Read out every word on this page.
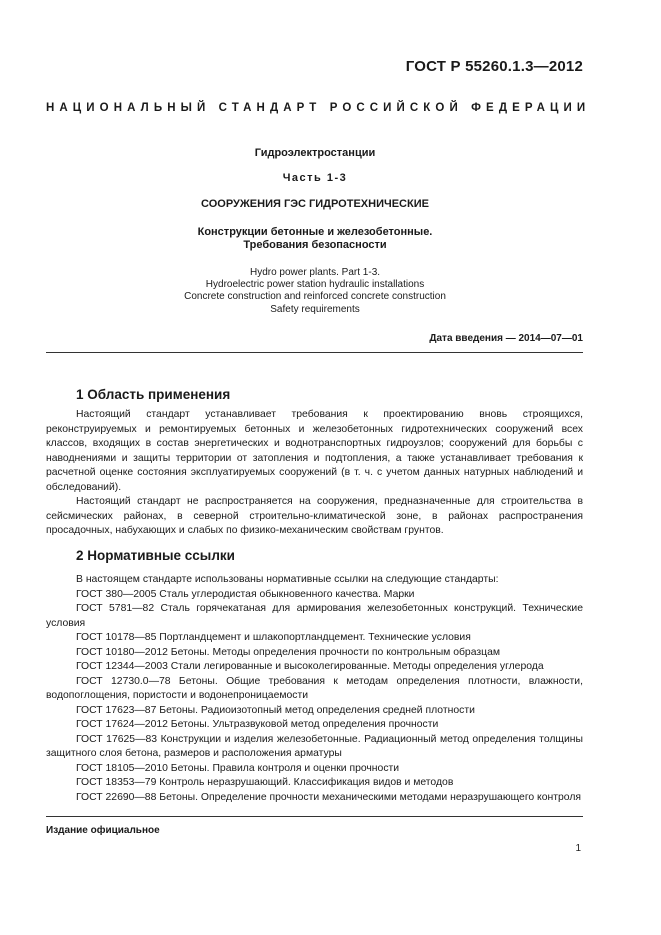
ГОСТ Р 55260.1.3—2012
НАЦИОНАЛЬНЫЙ СТАНДАРТ РОССИЙСКОЙ ФЕДЕРАЦИИ
Гидроэлектростанции
Часть 1-3
СООРУЖЕНИЯ ГЭС ГИДРОТЕХНИЧЕСКИЕ
Конструкции бетонные и железобетонные.
Требования безопасности
Hydro power plants. Part 1-3.
Hydroelectric power station hydraulic installations
Concrete construction and reinforced concrete construction
Safety requirements
Дата введения — 2014—07—01
1 Область применения

Настоящий стандарт устанавливает требования к проектированию вновь строящихся, реконструируемых и ремонтируемых бетонных и железобетонных гидротехнических сооружений всех классов, входящих в состав энергетических и воднотранспортных гидроузлов; сооружений для борьбы с наводнениями и защиты территории от затопления и подтопления, а также устанавливает требования к расчетной оценке состояния эксплуатируемых сооружений (в т. ч. с учетом данных натурных наблюдений и обследований).

Настоящий стандарт не распространяется на сооружения, предназначенные для строительства в сейсмических районах, в северной строительно-климатической зоне, в районах распространения просадочных, набухающих и слабых по физико-механическим свойствам грунтов.

2 Нормативные ссылки

В настоящем стандарте использованы нормативные ссылки на следующие стандарты:

ГОСТ 380—2005 Сталь углеродистая обыкновенного качества. Марки

ГОСТ 5781—82 Сталь горячекатаная для армирования железобетонных конструкций. Технические условия

ГОСТ 10178—85 Портландцемент и шлакопортландцемент. Технические условия

ГОСТ 10180—2012 Бетоны. Методы определения прочности по контрольным образцам

ГОСТ 12344—2003 Стали легированные и высоколегированные. Методы определения углерода

ГОСТ 12730.0—78 Бетоны. Общие требования к методам определения плотности, влажности, водопоглощения, пористости и водонепроницаемости

ГОСТ 17623—87 Бетоны. Радиоизотопный метод определения средней плотности

ГОСТ 17624—2012 Бетоны. Ультразвуковой метод определения прочности

ГОСТ 17625—83 Конструкции и изделия железобетонные. Радиационный метод определения толщины защитного слоя бетона, размеров и расположения арматуры

ГОСТ 18105—2010 Бетоны. Правила контроля и оценки прочности

ГОСТ 18353—79 Контроль неразрушающий. Классификация видов и методов

ГОСТ 22690—88 Бетоны. Определение прочности механическими методами неразрушающего контроля

Издание официальное
1
